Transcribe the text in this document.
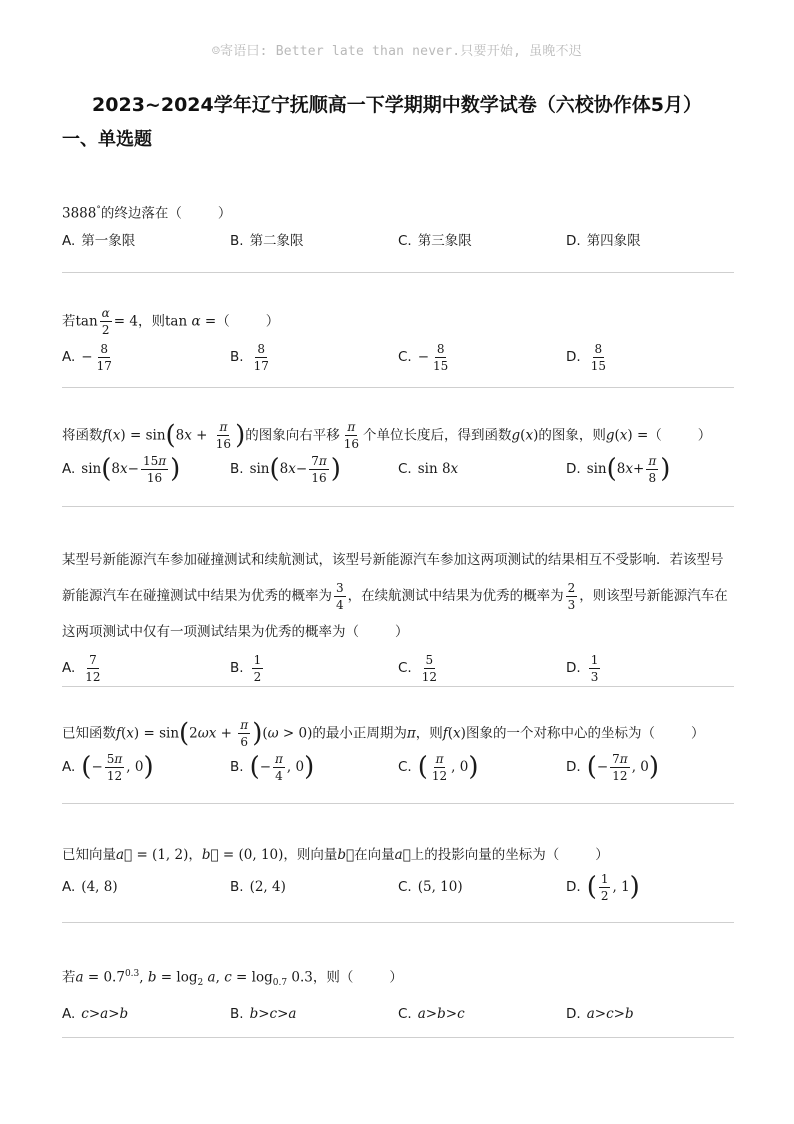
☺寄语曰: Better late than never.只要开始, 虽晚不迟
2023~2024学年辽宁抚顺高一下学期期中数学试卷（六校协作体5月）
一、单选题
3888°的终边落在（	）
A. 第一象限	B. 第二象限	C. 第三象限	D. 第四象限
若$\tan \frac{\alpha}{2} = 4$，则tan α =（	）
A. − $\frac{8}{17}$	B. $\frac{8}{17}$	C. − $\frac{8}{15}$	D. $\frac{8}{15}$
将函数$f(x) = \sin(8x + \frac{\pi}{16}$ )的图象向右平移 $\frac{\pi}{16}$ 个单位长度后，得到函数g(x)的图象，则g(x) =（	）
A. sin ( 8 $x - \frac{15\pi}{16}$ )	B. sin ( 8 $x - \frac{7\pi}{16}$ )	C. sin 8 x	D. sin ( 8 $x + \frac{\pi}{8}$ )
某型号新能源汽车参加碰撞测试和续航测试，该型号新能源汽车参加这两项测试的结果相互不受影响．若该型号新能源汽车在碰撞测试中结果为优秀的概率为 $\frac{3}{4}$ ，在续航测试中结果为优秀的概率为 $\frac{2}{3}$ ，则该型号新能源汽车在这两项测试中仅有一项测试结果为优秀的概率为（	）
A. $\frac{7}{12}$	B. $\frac{1}{2}$	C. $\frac{5}{12}$	D. $\frac{1}{3}$
已知函数$f(x) = \sin(2\omega x + \frac{\pi}{6} )(\omega > 0)$的最小正周期为π，则f(x)图象的一个对称中心的坐标为（	）
A. ( − $\frac{5\pi}{12}$ , 0 )	B. ( − $\frac{\pi}{4}$ , 0 )	C. ( $\frac{\pi}{12}$ , 0 )	D. ( − $\frac{7\pi}{12}$ , 0 )
已知向量a⃗ = (1, 2)，b⃗ = (0, 10)，则向量b⃗在向量a⃗上的投影向量的坐标为（	）
A. (4, 8)	B. (2, 4)	C. (5, 10)	D. ( $\frac{1}{2}$ , 1 )
若$a = 0.7^{0.3}$, $b = \log_2 a$, $c = \log_{0.7} 0.3$，则（	）
A. c > a > b	B. b > c > a	C. a > b > c	D. a > c > b
